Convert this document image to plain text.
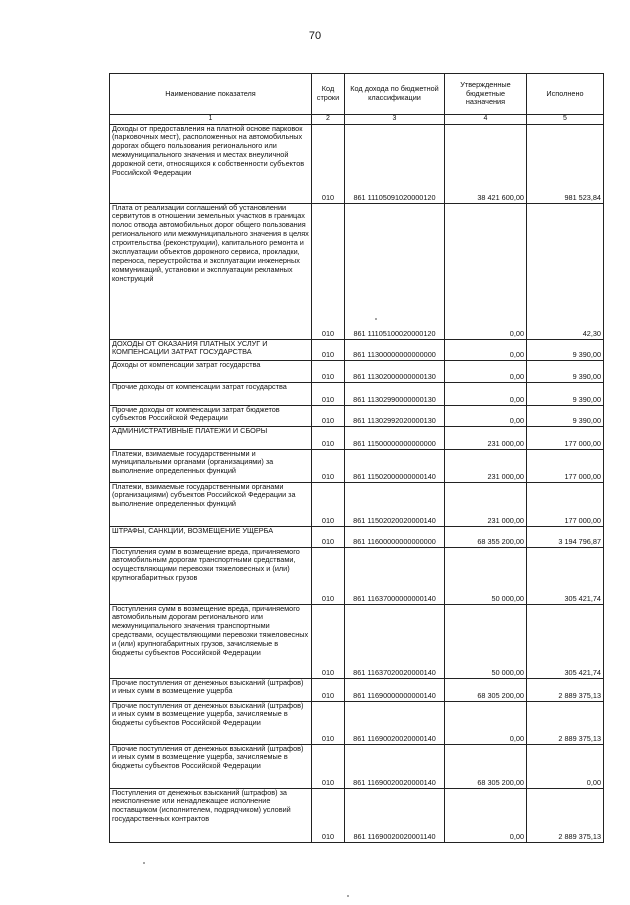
70
Наименование показателя	Код строки	Код дохода по бюджетной классификации	Утвержденные бюджетные назначения	Исполнено
1	2	3	4	5
Доходы от предоставления на платной основе парковок (парковочных мест), расположенных на автомобильных дорогах общего пользования регионального или межмуниципального значения и местах внеуличной дорожной сети, относящихся к собственности субъектов Российской Федерации	010	861 11105091020000120	38 421 600,00	981 523,84
Плата от реализации соглашений об установлении сервитутов в отношении земельных участков в границах полос отвода автомобильных дорог общего пользования регионального или межмуниципального значения в целях строительства (реконструкции), капитального ремонта и эксплуатации объектов дорожного сервиса, прокладки, переноса, переустройства и эксплуатации инженерных коммуникаций, установки и эксплуатации рекламных конструкций	010	861 11105100020000120	0,00	42,30
ДОХОДЫ ОТ ОКАЗАНИЯ ПЛАТНЫХ УСЛУГ И КОМПЕНСАЦИИ ЗАТРАТ ГОСУДАРСТВА	010	861 11300000000000000	0,00	9 390,00
Доходы от компенсации затрат государства	010	861 11302000000000130	0,00	9 390,00
Прочие доходы от компенсации затрат государства	010	861 11302990000000130	0,00	9 390,00
Прочие доходы от компенсации затрат бюджетов субъектов Российской Федерации	010	861 11302992020000130	0,00	9 390,00
АДМИНИСТРАТИВНЫЕ ПЛАТЕЖИ И СБОРЫ	010	861 11500000000000000	231 000,00	177 000,00
Платежи, взимаемые государственными и муниципальными органами (организациями) за выполнение определенных функций	010	861 11502000000000140	231 000,00	177 000,00
Платежи, взимаемые государственными органами (организациями) субъектов Российской Федерации за выполнение определенных функций	010	861 11502020020000140	231 000,00	177 000,00
ШТРАФЫ, САНКЦИИ, ВОЗМЕЩЕНИЕ УЩЕРБА	010	861 11600000000000000	68 355 200,00	3 194 796,87
Поступления сумм в возмещение вреда, причиняемого автомобильным дорогам транспортными средствами, осуществляющими перевозки тяжеловесных и (или) крупногабаритных грузов	010	861 11637000000000140	50 000,00	305 421,74
Поступления сумм в возмещение вреда, причиняемого автомобильным дорогам регионального или межмуниципального значения транспортными средствами, осуществляющими перевозки тяжеловесных и (или) крупногабаритных грузов, зачисляемые в бюджеты субъектов Российской Федерации	010	861 11637020020000140	50 000,00	305 421,74
Прочие поступления от денежных взысканий (штрафов) и иных сумм в возмещение ущерба	010	861 11690000000000140	68 305 200,00	2 889 375,13
Прочие поступления от денежных взысканий (штрафов) и иных сумм в возмещение ущерба, зачисляемые в бюджеты субъектов Российской Федерации	010	861 11690020020000140	0,00	2 889 375,13
Прочие поступления от денежных взысканий (штрафов) и иных сумм в возмещение ущерба, зачисляемые в бюджеты субъектов Российской Федерации	010	861 11690020020000140	68 305 200,00	0,00
Поступления от денежных взысканий (штрафов) за неисполнение или ненадлежащее исполнение поставщиком (исполнителем, подрядчиком) условий государственных контрактов	010	861 11690020020001140	0,00	2 889 375,13
